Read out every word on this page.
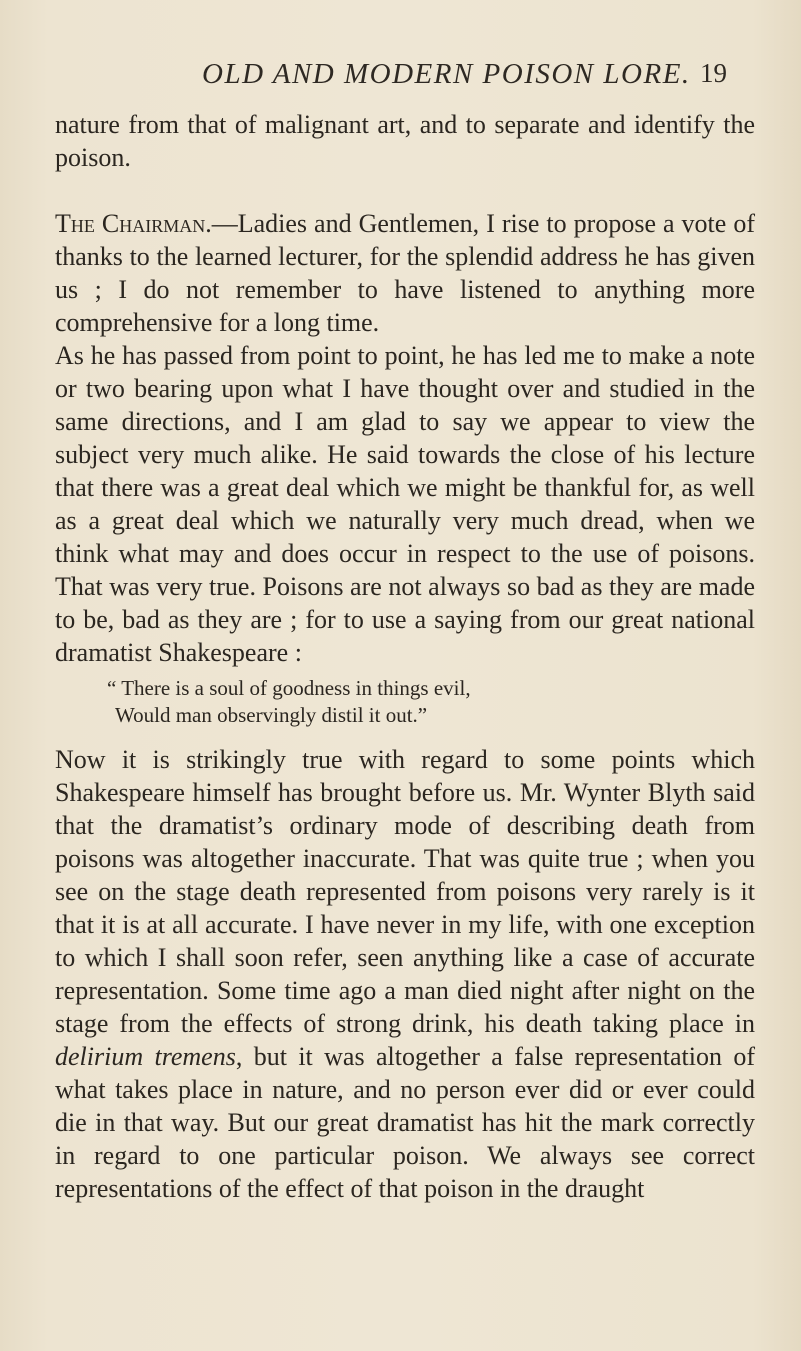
OLD AND MODERN POISON LORE. 19

nature from that of malignant art, and to separate and identify the poison.

The Chairman.—Ladies and Gentlemen, I rise to propose a vote of thanks to the learned lecturer, for the splendid address he has given us ; I do not remember to have listened to anything more comprehensive for a long time.

As he has passed from point to point, he has led me to make a note or two bearing upon what I have thought over and studied in the same directions, and I am glad to say we appear to view the subject very much alike. He said towards the close of his lecture that there was a great deal which we might be thankful for, as well as a great deal which we naturally very much dread, when we think what may and does occur in respect to the use of poisons. That was very true. Poisons are not always so bad as they are made to be, bad as they are ; for to use a saying from our great national dramatist Shakespeare :

“ There is a soul of goodness in things evil,
Would man observingly distil it out.”

Now it is strikingly true with regard to some points which Shakespeare himself has brought before us. Mr. Wynter Blyth said that the dramatist’s ordinary mode of describing death from poisons was altogether inaccurate. That was quite true ; when you see on the stage death represented from poisons very rarely is it that it is at all accurate. I have never in my life, with one exception to which I shall soon refer, seen anything like a case of accurate representation. Some time ago a man died night after night on the stage from the effects of strong drink, his death taking place in delirium tremens, but it was altogether a false representation of what takes place in nature, and no person ever did or ever could die in that way. But our great dramatist has hit the mark correctly in regard to one particular poison. We always see correct representations of the effect of that poison in the draught
